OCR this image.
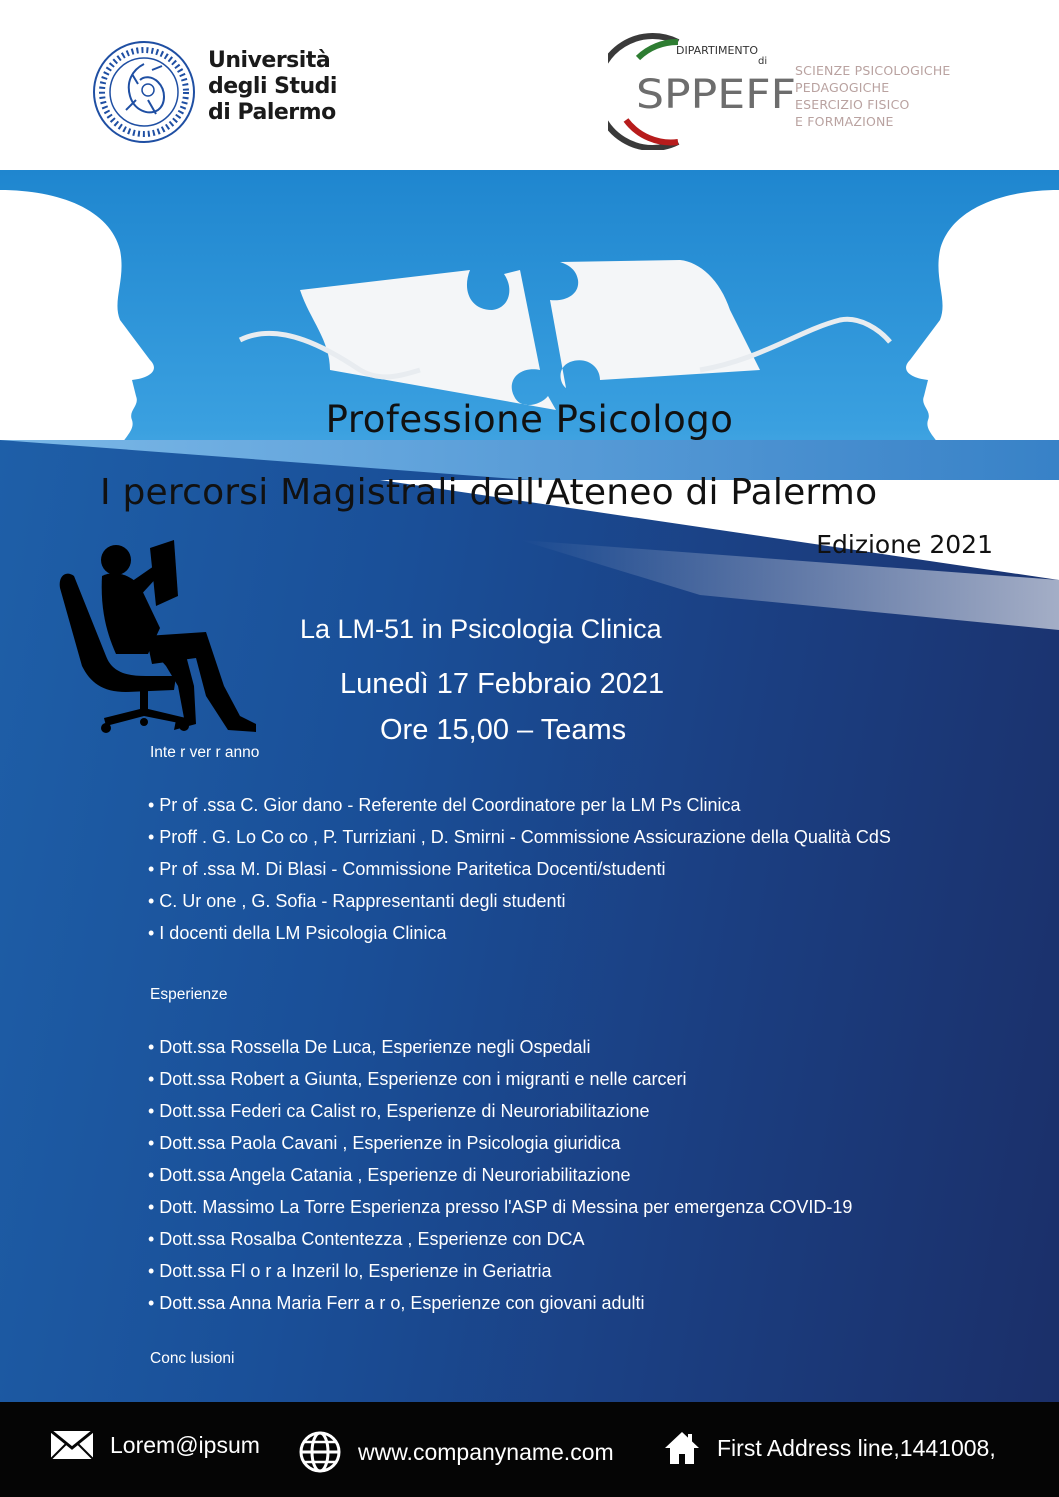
Università
degli Studi
di Palermo
DIPARTIMENTO
di
SPPEFF
SCIENZE PSICOLOGICHE
PEDAGOGICHE
ESERCIZIO FISICO
E FORMAZIONE
Professione Psicologo
I percorsi Magistrali dell'Ateneo di Palermo
Edizione 2021
La LM-51 in Psicologia Clinica
Lunedì 17 Febbraio 2021
Ore 15,00 – Teams
Inte r ver r anno
• Pr of .ssa C. Gior dano - Referente del Coordinatore per la LM Ps Clinica
• Proff . G. Lo Co co , P. Turriziani , D. Smirni - Commissione Assicurazione della Qualità CdS
• Pr of .ssa M. Di Blasi - Commissione Paritetica Docenti/studenti
• C. Ur one , G. Sofia - Rappresentanti degli studenti
• I docenti della LM Psicologia Clinica
Esperienze
• Dott.ssa Rossella De Luca, Esperienze negli Ospedali
• Dott.ssa Robert a Giunta, Esperienze con i migranti e nelle carceri
• Dott.ssa Federi ca Calist ro, Esperienze di Neuroriabilitazione
• Dott.ssa Paola Cavani , Esperienze in Psicologia giuridica
• Dott.ssa Angela Catania , Esperienze di Neuroriabilitazione
• Dott. Massimo La Torre Esperienza presso l'ASP di Messina per emergenza COVID-19
• Dott.ssa Rosalba Contentezza , Esperienze con DCA
• Dott.ssa Fl o r a Inzeril lo, Esperienze in Geriatria
• Dott.ssa Anna Maria Ferr a r o, Esperienze con giovani adulti
Conc lusioni
Lorem@ipsum	www.companyname.com	First Address line,1441008,
